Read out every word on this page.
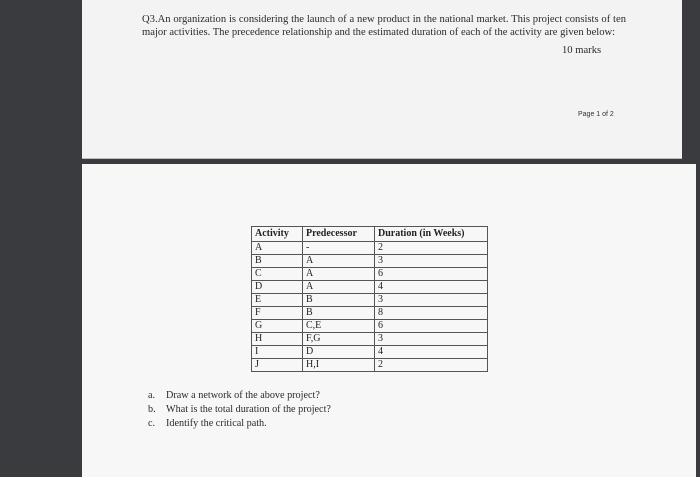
Q3.An organization is considering the launch of a new product in the national market. This project consists of ten major activities. The precedence relationship and the estimated duration of each of the activity are given below:
10 marks
Page 1 of 2
Activity	Predecessor	Duration (in Weeks)
A	-	2
B	A	3
C	A	6
D	A	4
E	B	3
F	B	8
G	C,E	6
H	F,G	3
I	D	4
J	H,I	2
a.	Draw a network of the above project?
b.	What is the total duration of the project?
c.	Identify the critical path.
